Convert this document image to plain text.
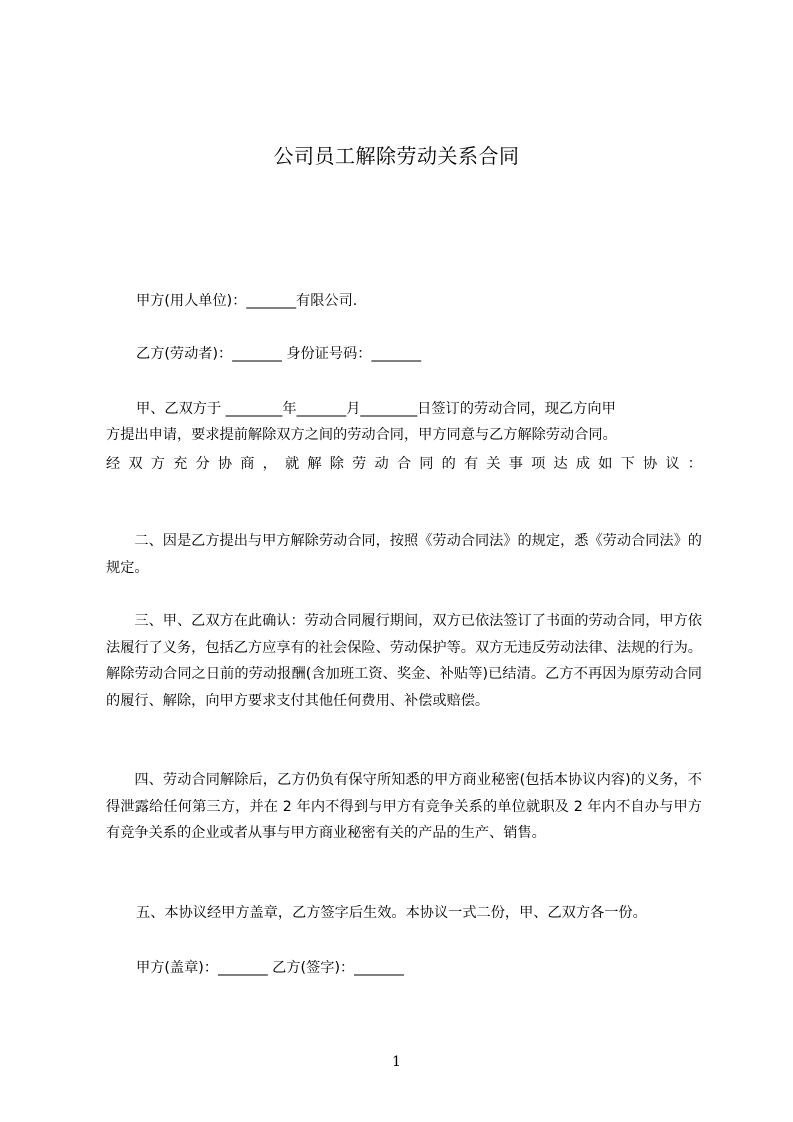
公司员工解除劳动关系合同
甲方(用人单位)：_______有限公司.
乙方(劳动者)：_______ 身份证号码：_______
甲、乙双方于 ________年_______月________日签订的劳动合同，现乙方向甲
方提出申请，要求提前解除双方之间的劳动合同，甲方同意与乙方解除劳动合同。
经 双 方 充 分 协 商 ， 就 解 除 劳 动 合 同 的 有 关 事 项 达 成 如 下 协 议 ：
二、因是乙方提出与甲方解除劳动合同，按照《劳动合同法》的规定，悉《劳动合同法》的规定。
三、甲、乙双方在此确认：劳动合同履行期间，双方已依法签订了书面的劳动合同，甲方依法履行了义务，包括乙方应享有的社会保险、劳动保护等。双方无违反劳动法律、法规的行为。解除劳动合同之日前的劳动报酬(含加班工资、奖金、补贴等)已结清。乙方不再因为原劳动合同的履行、解除，向甲方要求支付其他任何费用、补偿或赔偿。
四、劳动合同解除后，乙方仍负有保守所知悉的甲方商业秘密(包括本协议内容)的义务，不得泄露给任何第三方，并在 2 年内不得到与甲方有竞争关系的单位就职及 2 年内不自办与甲方有竞争关系的企业或者从事与甲方商业秘密有关的产品的生产、销售。
五、本协议经甲方盖章，乙方签字后生效。本协议一式二份，甲、乙双方各一份。
甲方(盖章)：_______ 乙方(签字)：_______
1
